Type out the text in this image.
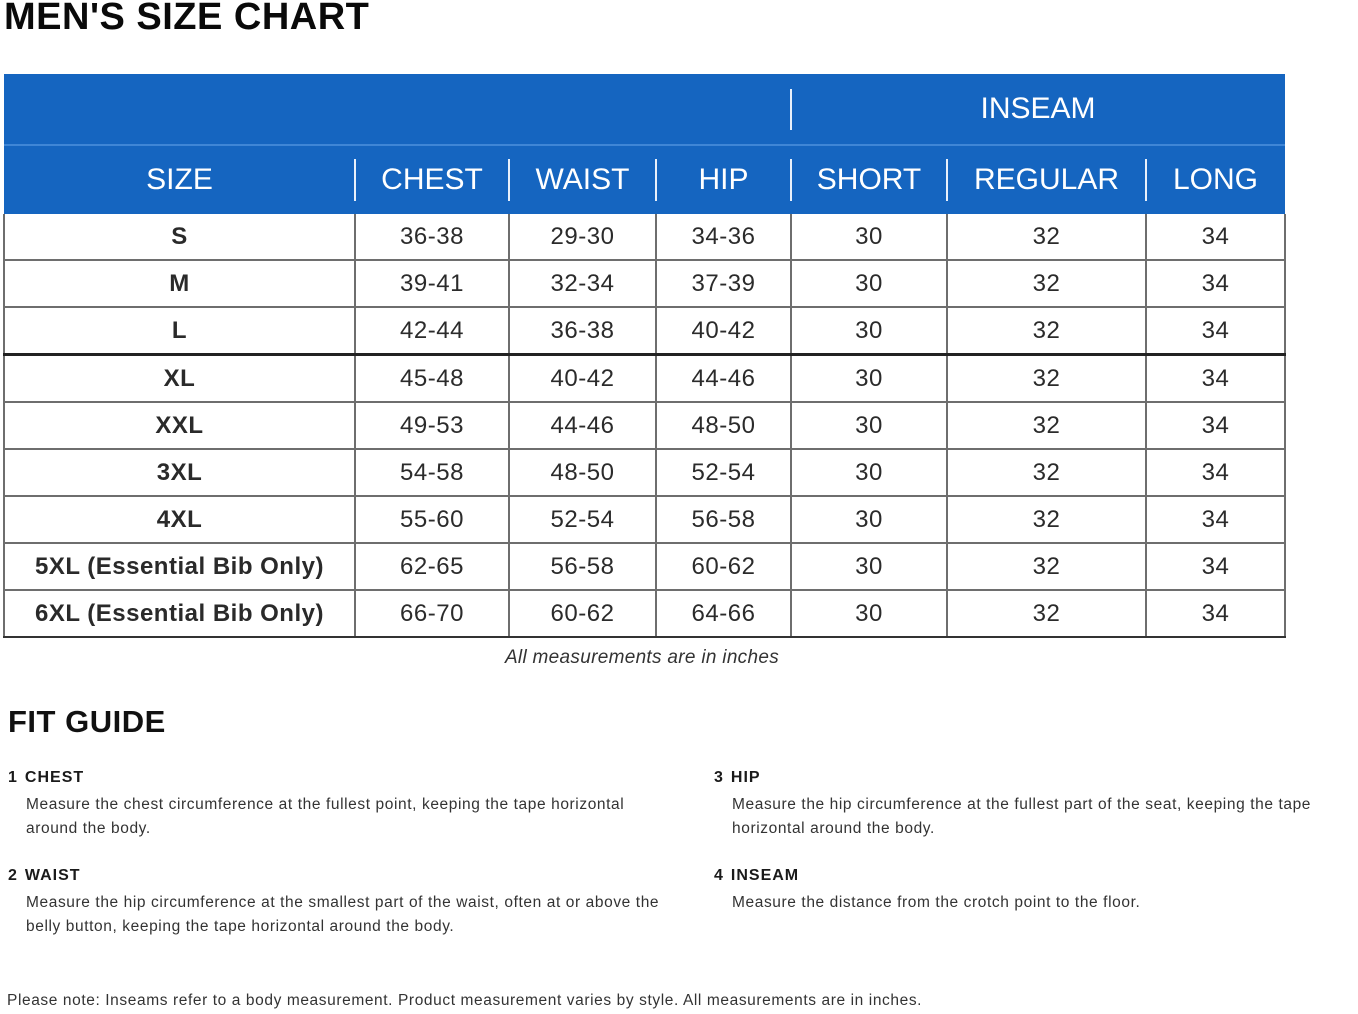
MEN'S SIZE CHART
				INSEAM		
SIZE	CHEST	WAIST	HIP	SHORT	REGULAR	LONG
S	36-38	29-30	34-36	30	32	34
M	39-41	32-34	37-39	30	32	34
L	42-44	36-38	40-42	30	32	34
XL	45-48	40-42	44-46	30	32	34
XXL	49-53	44-46	48-50	30	32	34
3XL	54-58	48-50	52-54	30	32	34
4XL	55-60	52-54	56-58	30	32	34
5XL (Essential Bib Only)	62-65	56-58	60-62	30	32	34
6XL (Essential Bib Only)	66-70	60-62	64-66	30	32	34
All measurements are in inches
FIT GUIDE
1 CHEST
Measure the chest circumference at the fullest point, keeping the tape horizontal around the body.
2 WAIST
Measure the hip circumference at the smallest part of the waist, often at or above the belly button, keeping the tape horizontal around the body.
3 HIP
Measure the hip circumference at the fullest part of the seat, keeping the tape horizontal around the body.
4 INSEAM
Measure the distance from the crotch point to the floor.
Please note: Inseams refer to a body measurement. Product measurement varies by style. All measurements are in inches.
